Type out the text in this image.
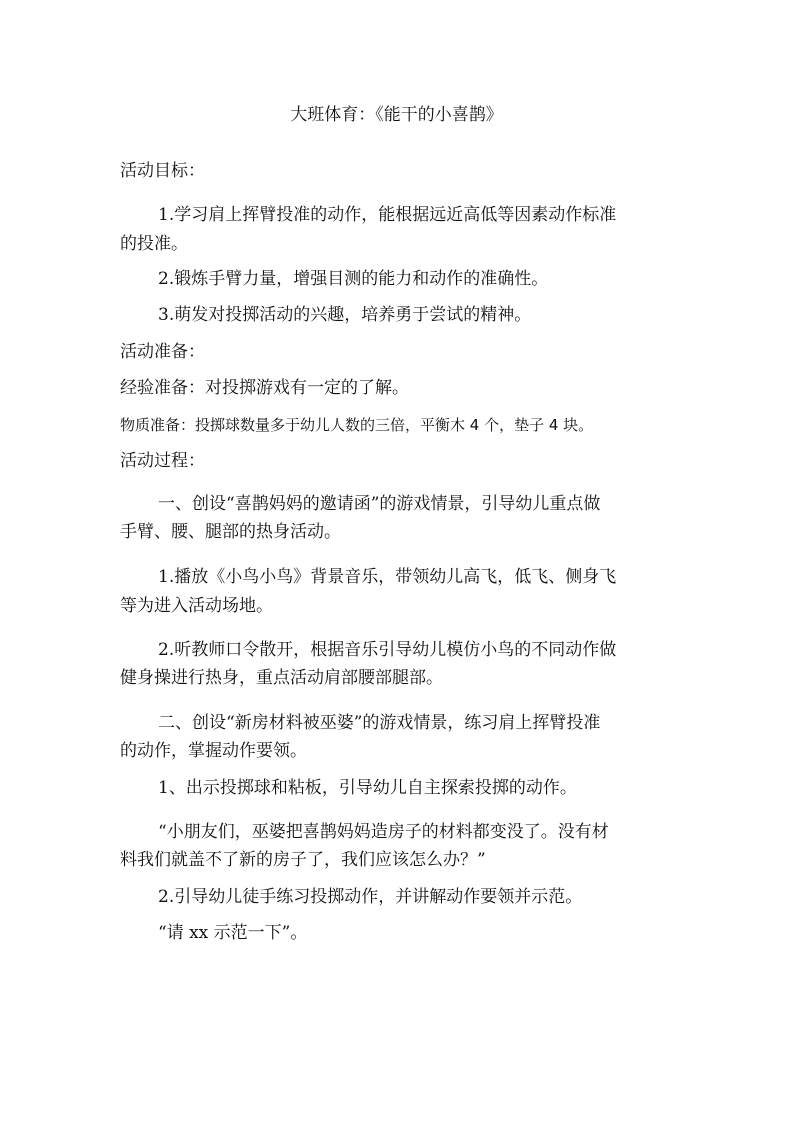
大班体育：《能干的小喜鹊》

活动目标：

1.学习肩上挥臂投准的动作，能根据远近高低等因素动作标准

的投准。

2.锻炼手臂力量，增强目测的能力和动作的准确性。

3.萌发对投掷活动的兴趣，培养勇于尝试的精神。

活动准备：

经验准备：对投掷游戏有一定的了解。

物质准备：投掷球数量多于幼儿人数的三倍，平衡木 4 个，垫子 4 块。

活动过程：

一、创设“喜鹊妈妈的邀请函”的游戏情景，引导幼儿重点做

手臂、腰、腿部的热身活动。

1.播放《小鸟小鸟》背景音乐，带领幼儿高飞，低飞、侧身飞

等为进入活动场地。

2.听教师口令散开，根据音乐引导幼儿模仿小鸟的不同动作做

健身操进行热身，重点活动肩部腰部腿部。

二、创设“新房材料被巫婆”的游戏情景，练习肩上挥臂投准

的动作，掌握动作要领。

1、出示投掷球和粘板，引导幼儿自主探索投掷的动作。

“小朋友们，巫婆把喜鹊妈妈造房子的材料都变没了。没有材

料我们就盖不了新的房子了，我们应该怎么办？”

2.引导幼儿徒手练习投掷动作，并讲解动作要领并示范。

“请 xx 示范一下”。
